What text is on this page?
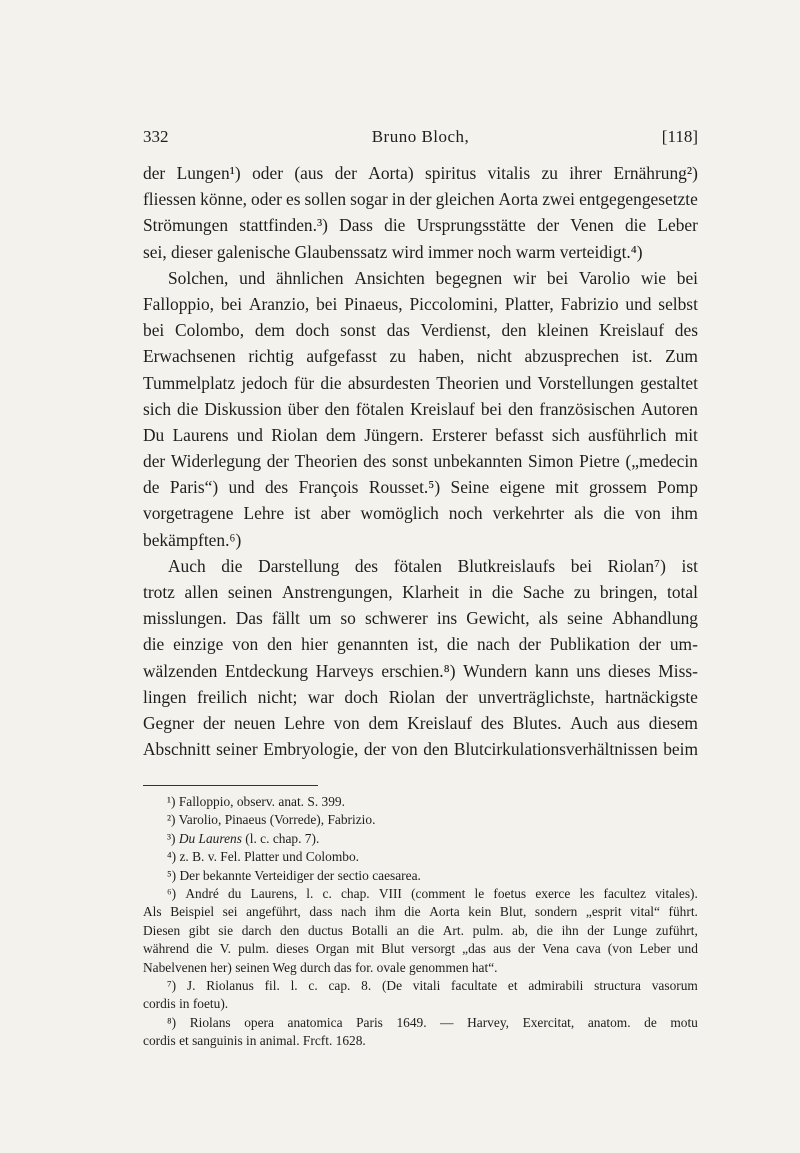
332	Bruno Bloch,	[118]
der Lungen¹) oder (aus der Aorta) spiritus vitalis zu ihrer Ernährung²)
fliessen könne, oder es sollen sogar in der gleichen Aorta zwei entgegengesetzte
Strömungen stattfinden.³) Dass die Ursprungsstätte der Venen die Leber
sei, dieser galenische Glaubenssatz wird immer noch warm verteidigt.⁴)
Solchen, und ähnlichen Ansichten begegnen wir bei Varolio wie bei
Falloppio, bei Aranzio, bei Pinaeus, Piccolomini, Platter, Fabrizio und selbst
bei Colombo, dem doch sonst das Verdienst, den kleinen Kreislauf des
Erwachsenen richtig aufgefasst zu haben, nicht abzusprechen ist. Zum
Tummelplatz jedoch für die absurdesten Theorien und Vorstellungen gestaltet
sich die Diskussion über den fötalen Kreislauf bei den französischen Autoren
Du Laurens und Riolan dem Jüngern. Ersterer befasst sich ausführlich mit
der Widerlegung der Theorien des sonst unbekannten Simon Pietre („medecin
de Paris“) und des François Rousset.⁵) Seine eigene mit grossem Pomp
vorgetragene Lehre ist aber womöglich noch verkehrter als die von ihm
bekämpften.⁶)
Auch die Darstellung des fötalen Blutkreislaufs bei Riolan⁷) ist
trotz allen seinen Anstrengungen, Klarheit in die Sache zu bringen, total
misslungen. Das fällt um so schwerer ins Gewicht, als seine Abhandlung
die einzige von den hier genannten ist, die nach der Publikation der um-
wälzenden Entdeckung Harveys erschien.⁸) Wundern kann uns dieses Miss-
lingen freilich nicht; war doch Riolan der unverträglichste, hartnäckigste
Gegner der neuen Lehre von dem Kreislauf des Blutes. Auch aus diesem
Abschnitt seiner Embryologie, der von den Blutcirkulationsverhältnissen beim
¹) Falloppio, observ. anat. S. 399.
²) Varolio, Pinaeus (Vorrede), Fabrizio.
³) Du Laurens (l. c. chap. 7).
⁴) z. B. v. Fel. Platter und Colombo.
⁵) Der bekannte Verteidiger der sectio caesarea.
⁶) André du Laurens, l. c. chap. VIII (comment le foetus exerce les facultez vitales).
Als Beispiel sei angeführt, dass nach ihm die Aorta kein Blut, sondern „esprit vital“ führt.
Diesen gibt sie darch den ductus Botalli an die Art. pulm. ab, die ihn der Lunge zuführt,
während die V. pulm. dieses Organ mit Blut versorgt „das aus der Vena cava (von Leber und
Nabelvenen her) seinen Weg durch das for. ovale genommen hat“.
⁷) J. Riolanus fil. l. c. cap. 8. (De vitali facultate et admirabili structura vasorum
cordis in foetu).
⁸) Riolans opera anatomica Paris 1649. — Harvey, Exercitat, anatom. de motu
cordis et sanguinis in animal. Frcft. 1628.
